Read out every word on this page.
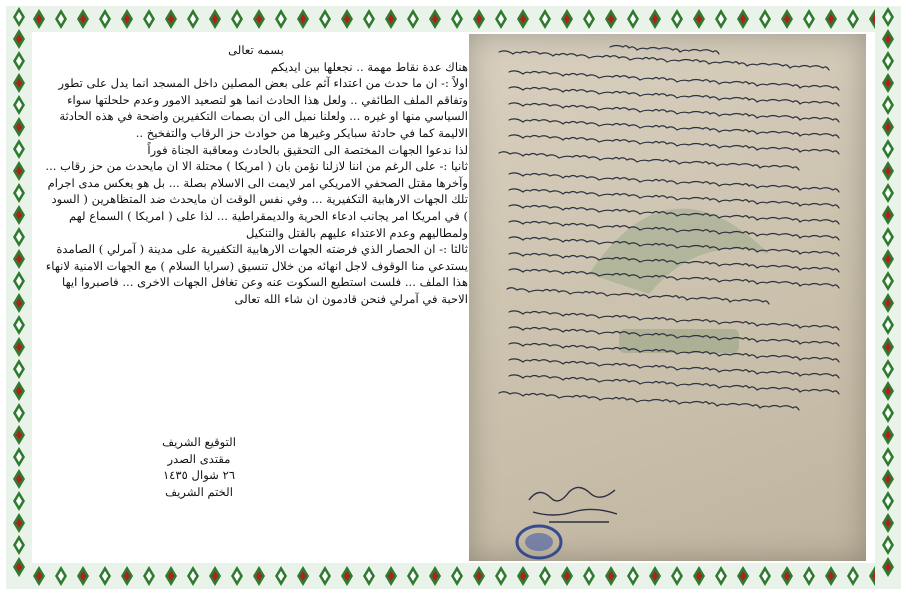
بسمه تعالى

هناك عدة نقاط مهمة .. نجعلها بين ايديكم

اولاً :- ان ما حدث من اعتداء آثم على بعض المصلين داخل المسجد انما يدل على تطور وتفاقم الملف الطائفي .. ولعل هذا الحادث انما هو لتصعيد الامور وعدم حلحلتها سواء السياسي منها او غيره ... ولعلنا نميل الى ان بصمات التكفيرين واضحة في هذه الحادثة الاليمة كما في حادثة سبايكر وغيرها من حوادث حز الرقاب والتفخيخ ..

لذا ندعوا الجهات المختصة الى التحقيق بالحادث ومعاقبة الجناة فوراً

ثانيا :- على الرغم من اننا لازلنا نؤمن بان ( امريكا ) محتلة الا ان مايحدث من حز رقاب ... وآخرها مقتل الصحفي الامريكي امر لايمت الى الاسلام بصلة ... بل هو يعكس مدى اجرام تلك الجهات الارهابية التكفيرية ... وفي نفس الوقت ان مايحدث ضد المتظاهرين ( السود ) في امريكا امر يجانب ادعاء الحرية والديمقراطية ... لذا على ( امريكا ) السماع لهم ولمطاليهم وعدم الاعتداء عليهم بالقتل والتنكيل

ثالثا :- ان الحصار الذي فرضته الجهات الارهابية التكفيرية على مدينة ( آمرلي ) الصامدة يستدعي منا الوقوف لاجل انهائه من خلال تنسيق (سرايا السلام ) مع الجهات الامنية لانهاء هذا الملف ... فلست استطيع السكوت عنه وعن تغافل الجهات الاخرى ... فاصبروا ايها الاحبة في آمرلي فنحن قادمون ان شاء الله تعالى

التوقيع الشريف
مقتدى الصدر
٢٦ شوال ١٤٣٥
الختم الشريف
